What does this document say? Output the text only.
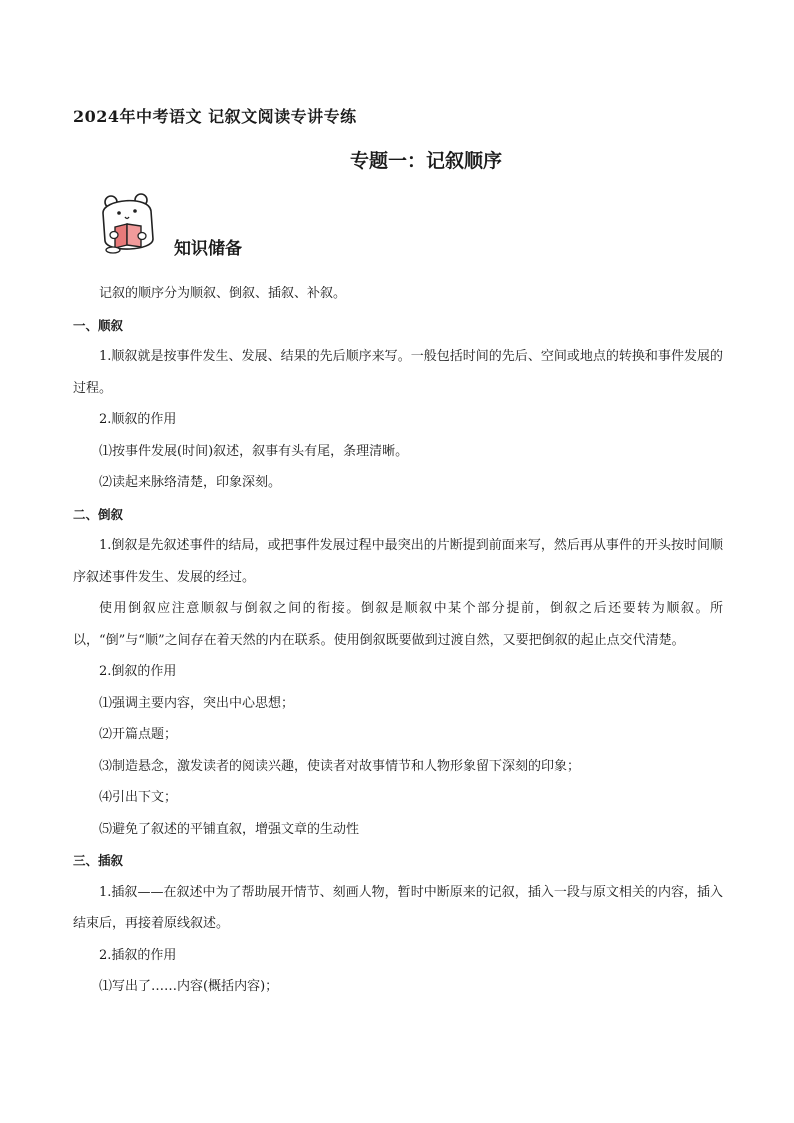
2024年中考语文 记叙文阅读专讲专练
专题一：记叙顺序
知识储备

记叙的顺序分为顺叙、倒叙、插叙、补叙。

一、顺叙

1.顺叙就是按事件发生、发展、结果的先后顺序来写。一般包括时间的先后、空间或地点的转换和事件发展的过程。

2.顺叙的作用

⑴按事件发展(时间)叙述，叙事有头有尾，条理清晰。

⑵读起来脉络清楚，印象深刻。

二、倒叙

1.倒叙是先叙述事件的结局，或把事件发展过程中最突出的片断提到前面来写，然后再从事件的开头按时间顺序叙述事件发生、发展的经过。

使用倒叙应注意顺叙与倒叙之间的衔接。倒叙是顺叙中某个部分提前，倒叙之后还要转为顺叙。所以，“倒”与“顺”之间存在着天然的内在联系。使用倒叙既要做到过渡自然，又要把倒叙的起止点交代清楚。

2.倒叙的作用

⑴强调主要内容，突出中心思想；

⑵开篇点题；

⑶制造悬念，激发读者的阅读兴趣，使读者对故事情节和人物形象留下深刻的印象；

⑷引出下文；

⑸避免了叙述的平铺直叙，增强文章的生动性

三、插叙

1.插叙——在叙述中为了帮助展开情节、刻画人物，暂时中断原来的记叙，插入一段与原文相关的内容，插入结束后，再接着原线叙述。

2.插叙的作用

⑴写出了……内容(概括内容)；
